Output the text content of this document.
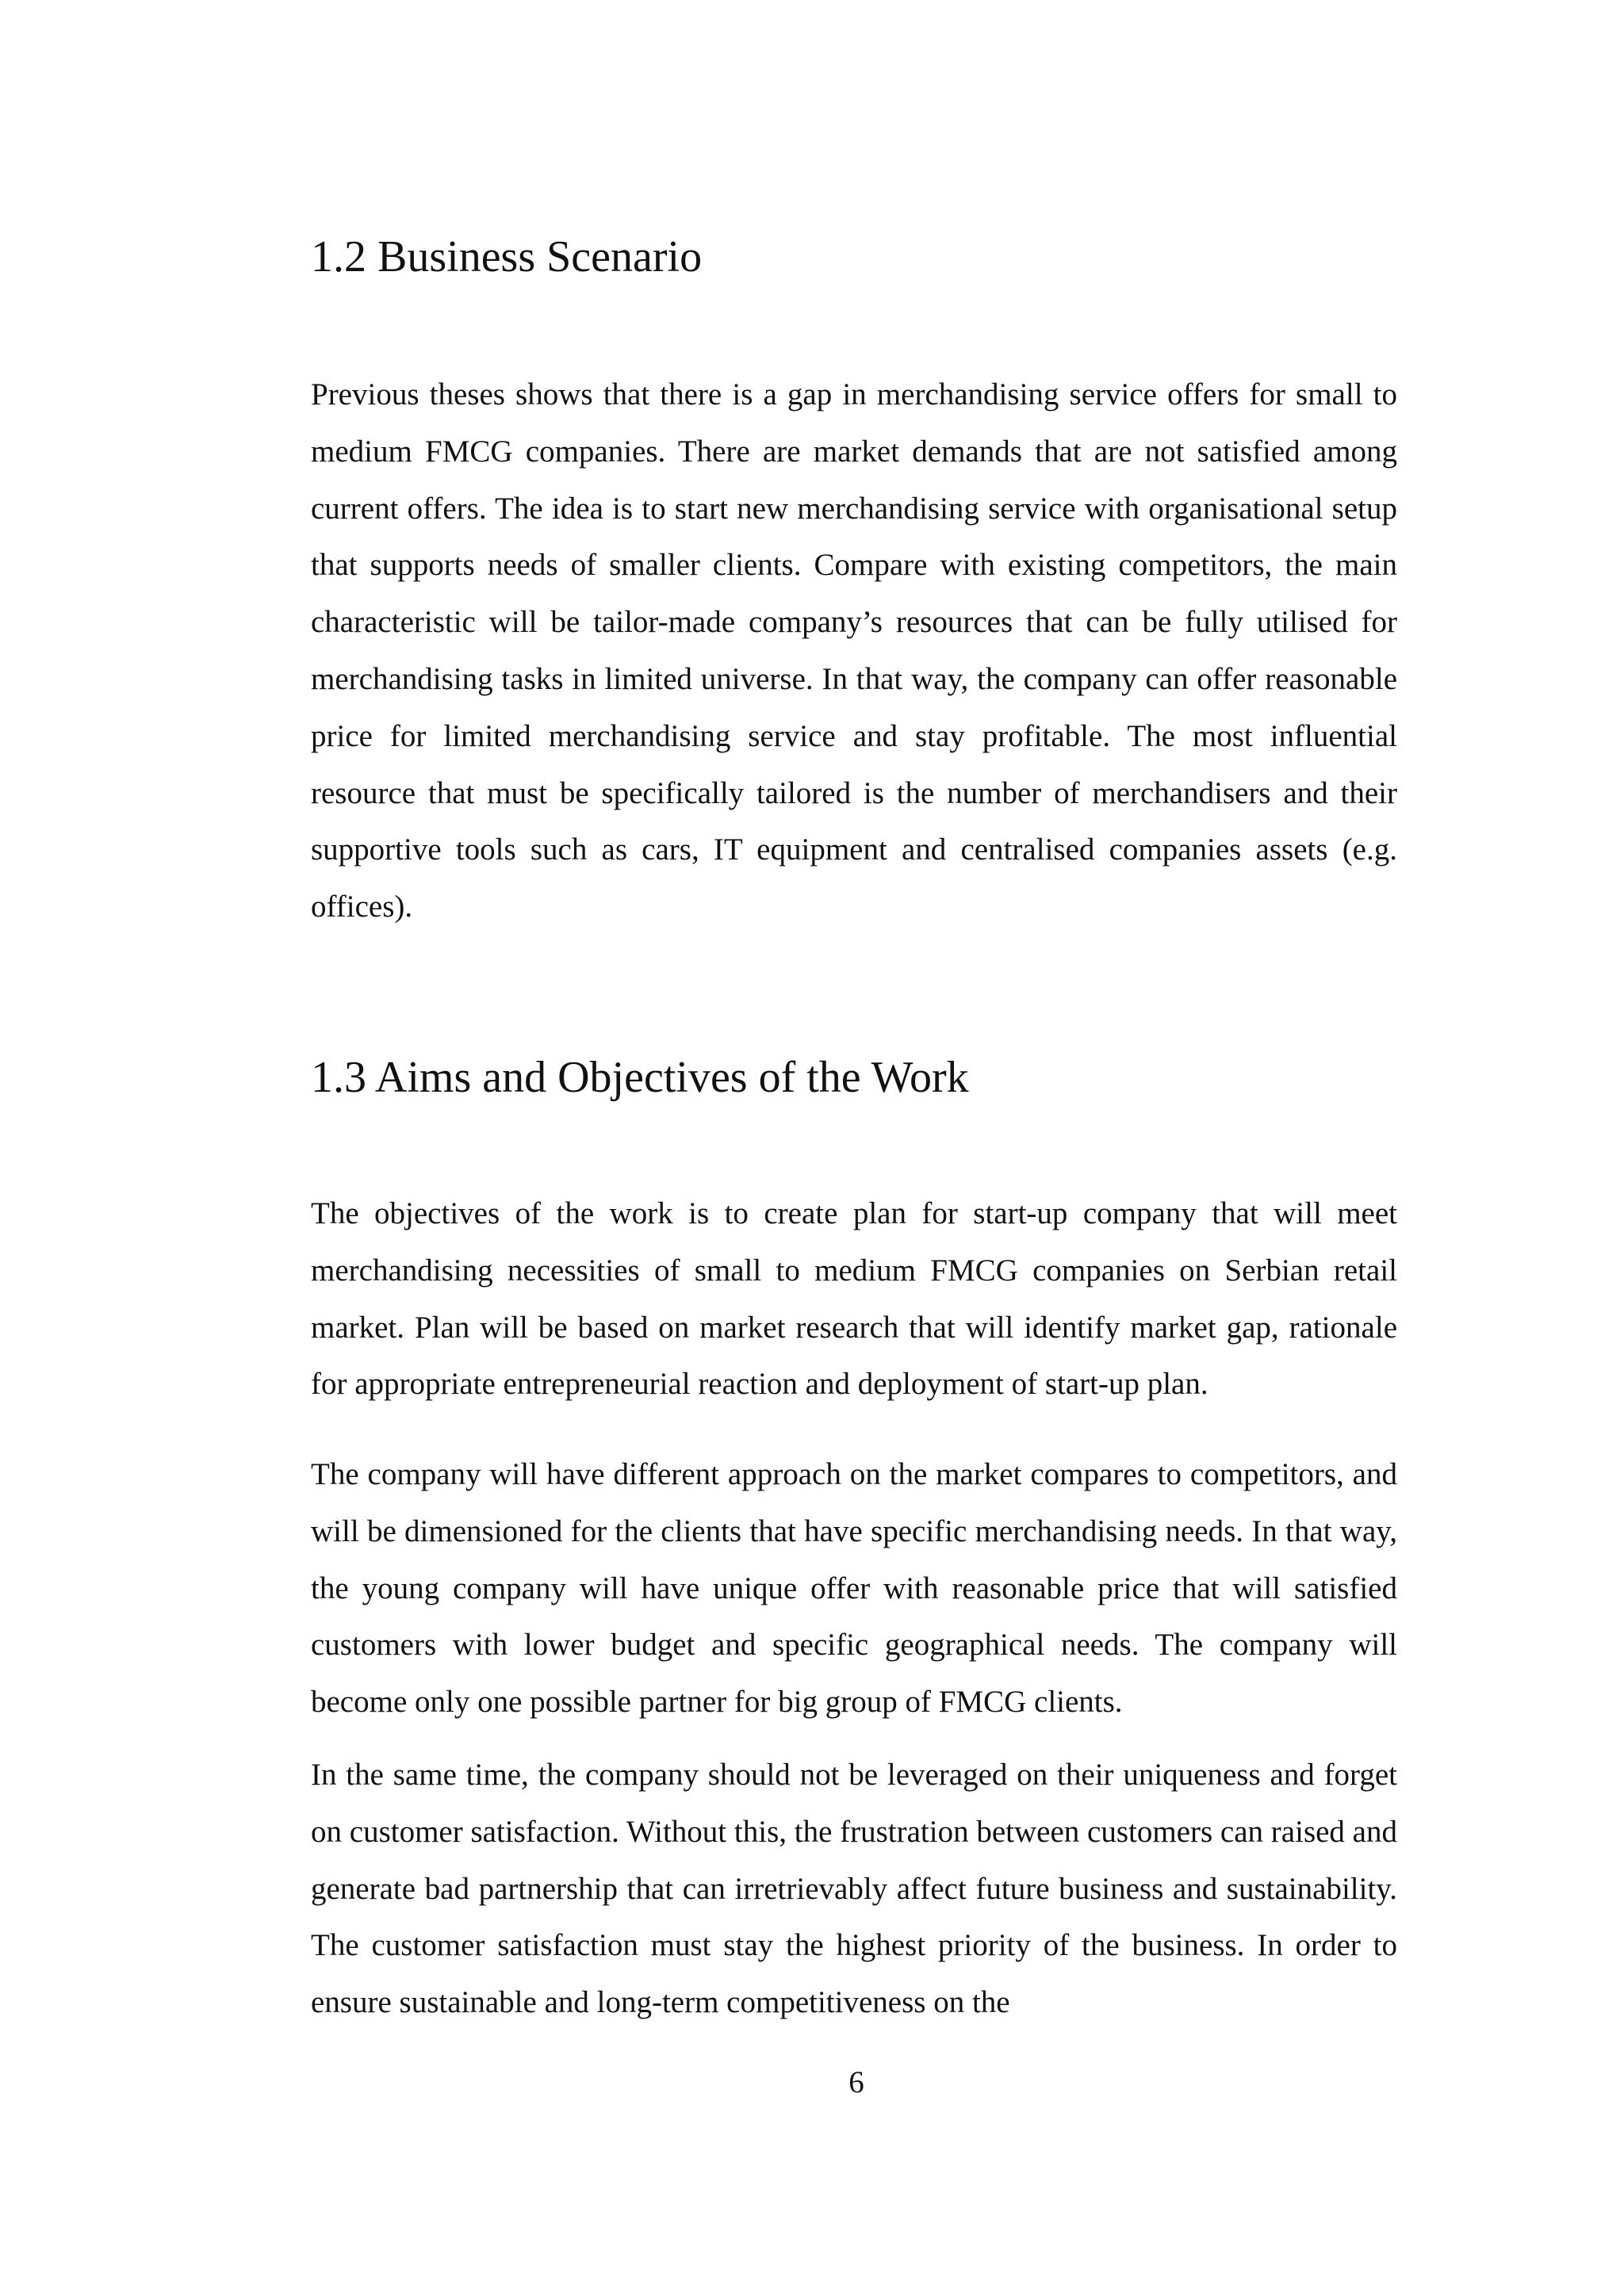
1.2 Business Scenario

Previous theses shows that there is a gap in merchandising service offers for small to medium FMCG companies. There are market demands that are not satisfied among current offers. The idea is to start new merchandising service with organisational setup that supports needs of smaller clients. Compare with existing competitors, the main characteristic will be tailor-made company’s resources that can be fully utilised for merchandising tasks in limited universe. In that way, the company can offer reasonable price for limited merchandising service and stay profitable. The most influential resource that must be specifically tailored is the number of merchandisers and their supportive tools such as cars, IT equipment and centralised companies assets (e.g. offices).

1.3 Aims and Objectives of the Work

The objectives of the work is to create plan for start-up company that will meet merchandising necessities of small to medium FMCG companies on Serbian retail market. Plan will be based on market research that will identify market gap, rationale for appropriate entrepreneurial reaction and deployment of start-up plan.

The company will have different approach on the market compares to competitors, and will be dimensioned for the clients that have specific merchandising needs. In that way, the young company will have unique offer with reasonable price that will satisfied customers with lower budget and specific geographical needs. The company will become only one possible partner for big group of FMCG clients.

In the same time, the company should not be leveraged on their uniqueness and forget on customer satisfaction. Without this, the frustration between customers can raised and generate bad partnership that can irretrievably affect future business and sustainability. The customer satisfaction must stay the highest priority of the business. In order to ensure sustainable and long-term competitiveness on the

6
